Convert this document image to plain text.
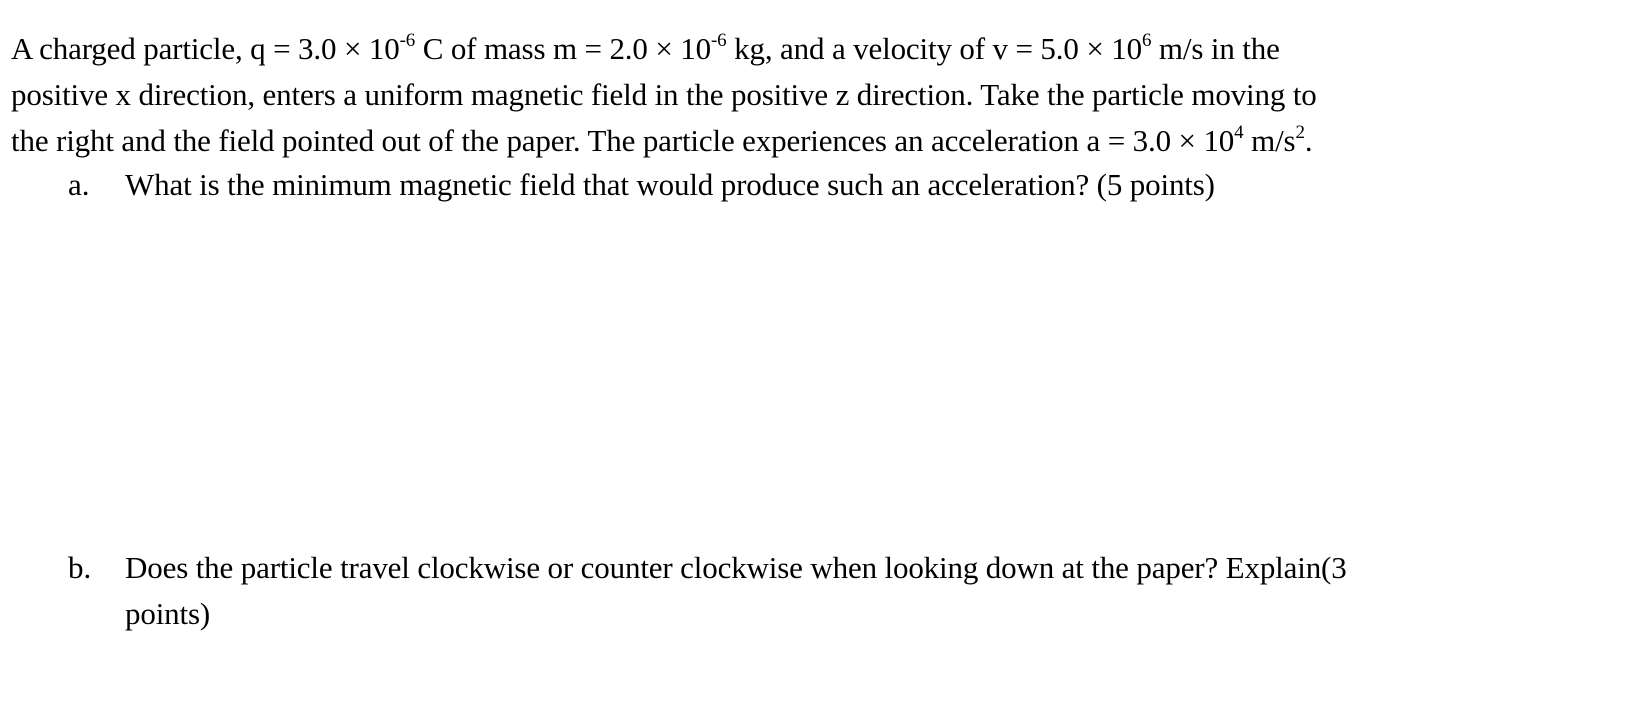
A charged particle, $q = 3.0 \times 10^{-6}$ C of mass $m = 2.0 \times 10^{-6}$ kg, and a velocity of $v = 5.0 \times 10^6$ m/s in the
positive x direction, enters a uniform magnetic field in the positive z direction. Take the particle moving to
the right and the field pointed out of the paper. The particle experiences an acceleration $a = 3.0 \times 10^4$ $m/s^2$.

a. What is the minimum magnetic field that would produce such an acceleration? (5 points)
b. Does the particle travel clockwise or counter clockwise when looking down at the paper? Explain(3
points)
